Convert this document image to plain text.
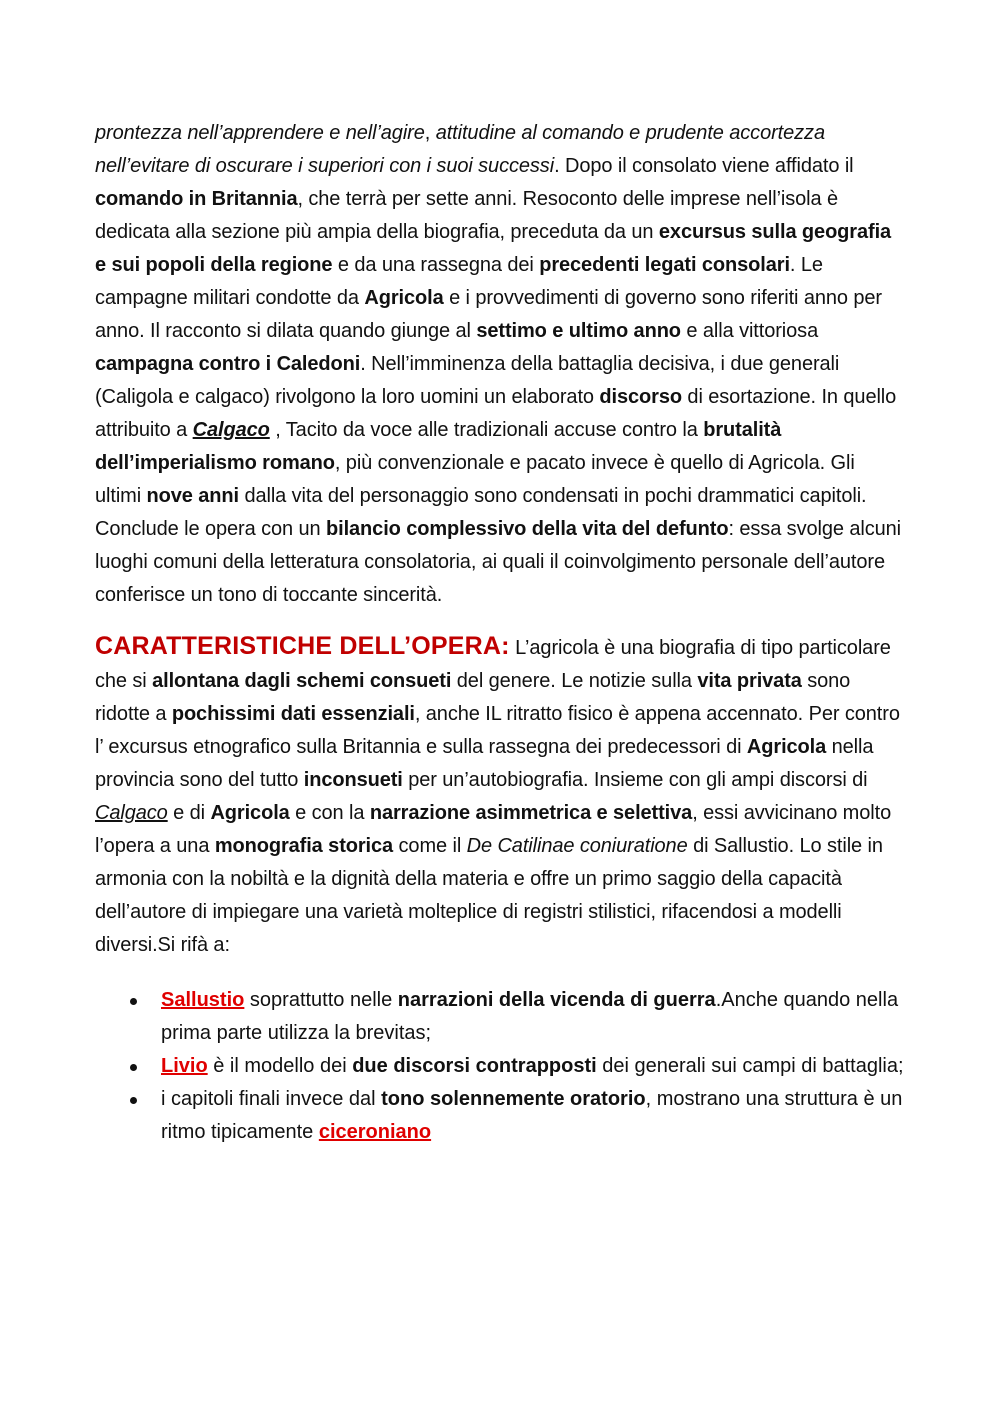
prontezza nell’apprendere e nell’agire, attitudine al comando e prudente accortezza nell’evitare di oscurare i superiori con i suoi successi. Dopo il consolato viene affidato il comando in Britannia, che terrà per sette anni. Resoconto delle imprese nell’isola è dedicata alla sezione più ampia della biografia, preceduta da un excursus sulla geografia e sui popoli della regione e da una rassegna dei precedenti legati consolari. Le campagne militari condotte da Agricola e i provvedimenti di governo sono riferiti anno per anno. Il racconto si dilata quando giunge al settimo e ultimo anno e alla vittoriosa campagna contro i Caledoni. Nell’imminenza della battaglia decisiva, i due generali (Caligola e calgaco) rivolgono la loro uomini un elaborato discorso di esortazione. In quello attribuito a Calgaco , Tacito da voce alle tradizionali accuse contro la brutalità dell’imperialismo romano, più convenzionale e pacato invece è quello di Agricola. Gli ultimi nove anni dalla vita del personaggio sono condensati in pochi drammatici capitoli. Conclude le opera con un bilancio complessivo della vita del defunto: essa svolge alcuni luoghi comuni della letteratura consolatoria, ai quali il coinvolgimento personale dell’autore conferisce un tono di toccante sincerità.

CARATTERISTICHE DELL’OPERA: L’agricola è una biografia di tipo particolare che si allontana dagli schemi consueti del genere. Le notizie sulla vita privata sono ridotte a pochissimi dati essenziali, anche IL ritratto fisico è appena accennato. Per contro l’ excursus etnografico sulla Britannia e sulla rassegna dei predecessori di Agricola nella provincia sono del tutto inconsueti per un’autobiografia. Insieme con gli ampi discorsi di Calgaco e di Agricola e con la narrazione asimmetrica e selettiva, essi avvicinano molto l’opera a una monografia storica come il De Catilinae coniuratione di Sallustio. Lo stile in armonia con la nobiltà e la dignità della materia e offre un primo saggio della capacità dell’autore di impiegare una varietà molteplice di registri stilistici, rifacendosi a modelli diversi.Si rifà a:

Sallustio soprattutto nelle narrazioni della vicenda di guerra.Anche quando nella prima parte utilizza la brevitas;
Livio è il modello dei due discorsi contrapposti dei generali sui campi di battaglia;
i capitoli finali invece dal tono solennemente oratorio, mostrano una struttura è un ritmo tipicamente ciceroniano
